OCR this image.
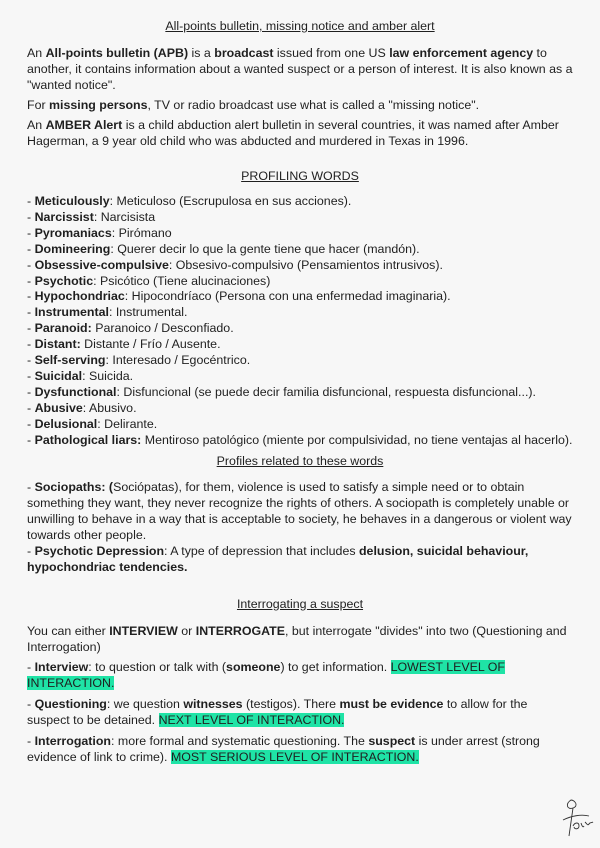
All-points bulletin, missing notice and amber alert

An All-points bulletin (APB) is a broadcast issued from one US law enforcement agency to another, it contains information about a wanted suspect or a person of interest. It is also known as a "wanted notice".

For missing persons, TV or radio broadcast use what is called a "missing notice".

An AMBER Alert is a child abduction alert bulletin in several countries, it was named after Amber Hagerman, a 9 year old child who was abducted and murdered in Texas in 1996.

PROFILING WORDS

- Meticulously: Meticuloso (Escrupulosa en sus acciones).

- Narcissist: Narcisista

- Pyromaniacs: Pirómano

- Domineering: Querer decir lo que la gente tiene que hacer (mandón).

- Obsessive-compulsive: Obsesivo-compulsivo (Pensamientos intrusivos).

- Psychotic: Psicótico (Tiene alucinaciones)

- Hypochondriac: Hipocondríaco (Persona con una enfermedad imaginaria).

- Instrumental: Instrumental.

- Paranoid: Paranoico / Desconfiado.

- Distant: Distante / Frío / Ausente.

- Self-serving: Interesado / Egocéntrico.

- Suicidal: Suicida.

- Dysfunctional: Disfuncional (se puede decir familia disfuncional, respuesta disfuncional...).

- Abusive: Abusivo.

- Delusional: Delirante.

- Pathological liars: Mentiroso patológico (miente por compulsividad, no tiene ventajas al hacerlo).

Profiles related to these words

- Sociopaths: (Sociópatas), for them, violence is used to satisfy a simple need or to obtain something they want, they never recognize the rights of others. A sociopath is completely unable or unwilling to behave in a way that is acceptable to society, he behaves in a dangerous or violent way towards other people.

- Psychotic Depression: A type of depression that includes delusion, suicidal behaviour, hypochondriac tendencies.

Interrogating a suspect

You can either INTERVIEW or INTERROGATE, but interrogate "divides" into two (Questioning and Interrogation)

- Interview: to question or talk with (someone) to get information. LOWEST LEVEL OF INTERACTION.

- Questioning: we question witnesses (testigos). There must be evidence to allow for the suspect to be detained. NEXT LEVEL OF INTERACTION.

- Interrogation: more formal and systematic questioning. The suspect is under arrest (strong evidence of link to crime). MOST SERIOUS LEVEL OF INTERACTION.
